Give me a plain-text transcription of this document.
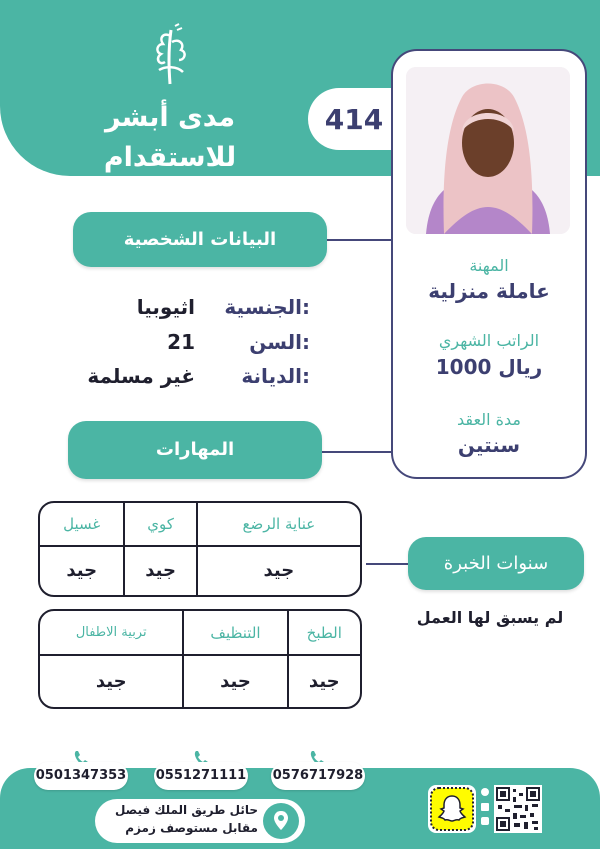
مدى أبشر
للاستقدام
414
المهنة
عاملة منزلية
الراتب الشهري
1000 ريال
مدة العقد
سنتين
البيانات الشخصية
الجنسية:
اثيوبيا
السن:
21
الديانة:
غير مسلمة
المهارات
عناية الرضع	كوي	غسيل
جيد	جيد	جيد
الطبخ	التنظيف	تربية الاطفال
جيد	جيد	جيد
سنوات الخبرة
لم يسبق لها العمل
0576717928
0551271111
0501347353
حائل طريق الملك فيصل
مقابل مستوصف زمزم
